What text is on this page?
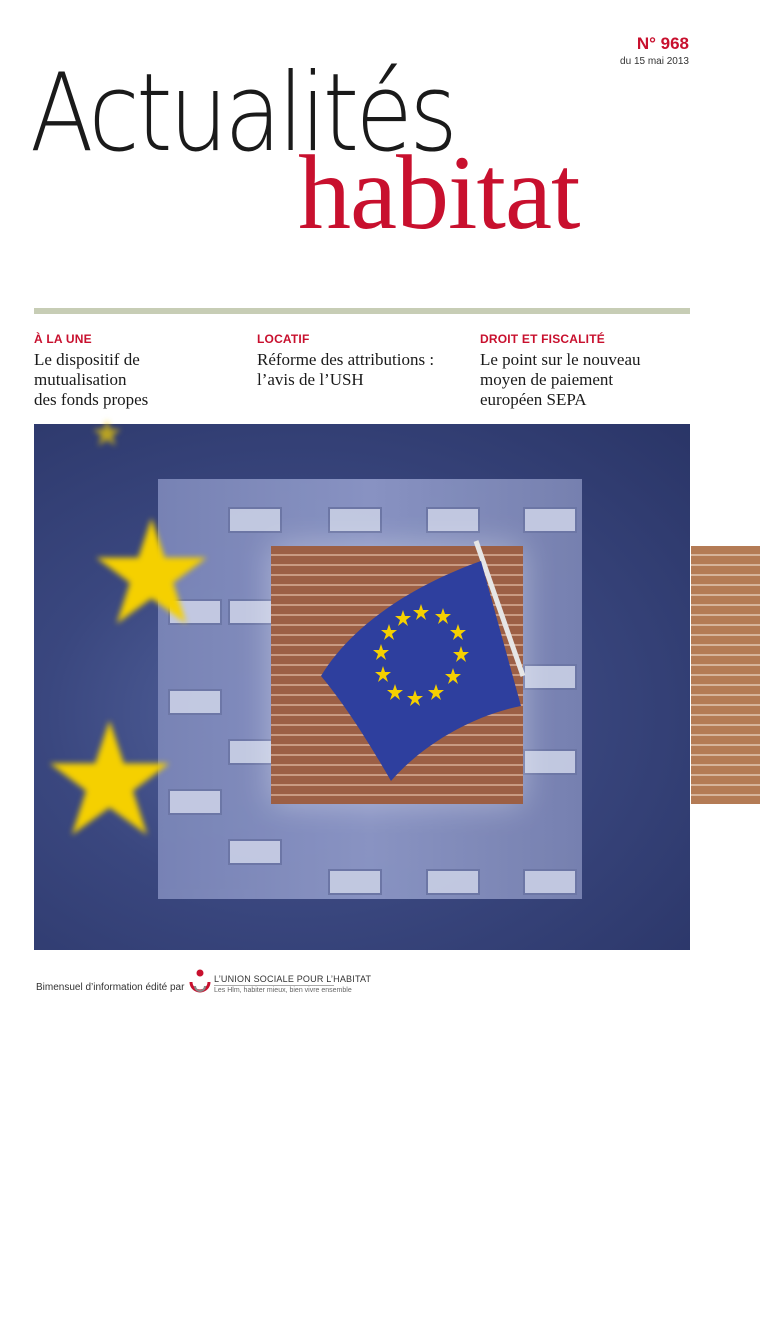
N° 968
du 15 mai 2013
Actualités
habitat
À LA UNE
Le dispositif de
mutualisation
des fonds propes
LOCATIF
Réforme des attributions :
l’avis de l’USH
DROIT ET FISCALITÉ
Le point sur le nouveau
moyen de paiement
européen SEPA
LE DOSSIER
L’Europe investit
dans le logement social
Bimensuel d’information édité par
L’UNION SOCIALE POUR L’HABITAT
Les Hlm, habiter mieux, bien vivre ensemble
